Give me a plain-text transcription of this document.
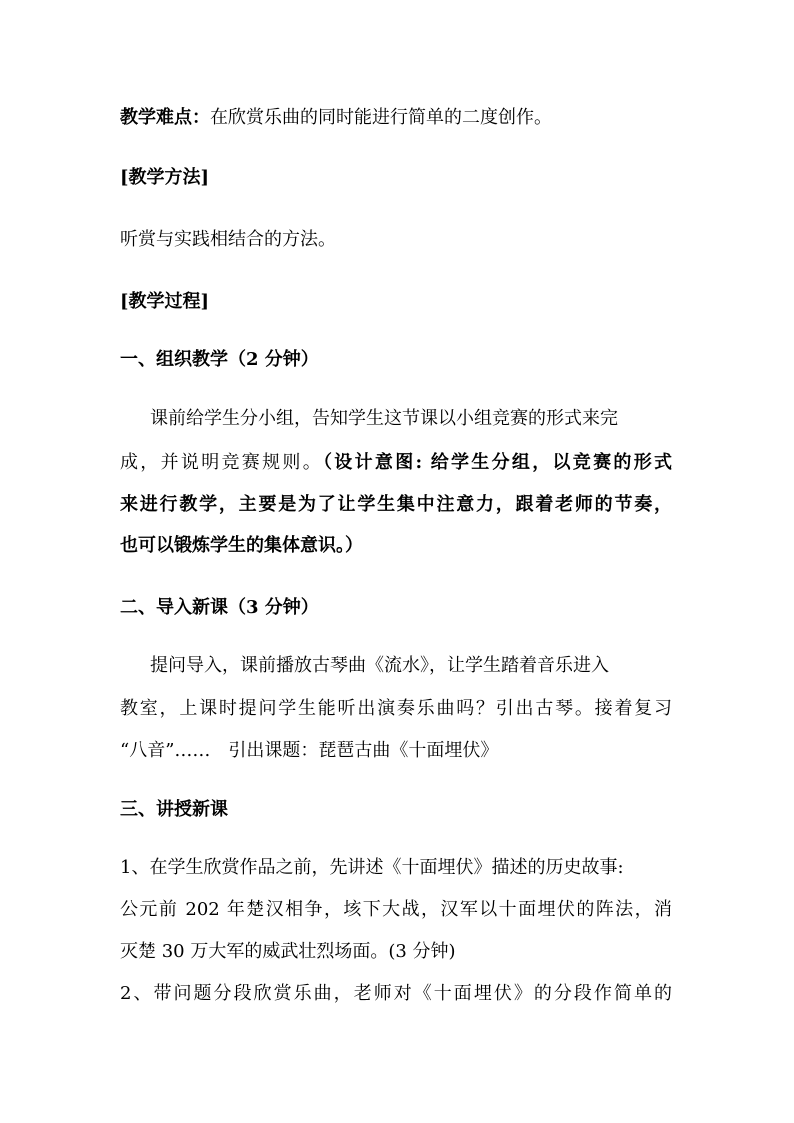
教学难点：在欣赏乐曲的同时能进行简单的二度创作。
[教学方法]
听赏与实践相结合的方法。
[教学过程]
一、组织教学（2 分钟）
课前给学生分小组，告知学生这节课以小组竞赛的形式来完
成，并说明竞赛规则。（设计意图: 给学生分组，以竞赛的形式
来进行教学，主要是为了让学生集中注意力，跟着老师的节奏，
也可以锻炼学生的集体意识。）
二、导入新课（3 分钟）
提问导入，课前播放古琴曲《流水》，让学生踏着音乐进入
教室，上课时提问学生能听出演奏乐曲吗？引出古琴。接着复习
“八音”……　引出课题：琵琶古曲《十面埋伏》
三、讲授新课
1、在学生欣赏作品之前，先讲述《十面埋伏》描述的历史故事:
公元前 202 年楚汉相争，垓下大战，汉军以十面埋伏的阵法，消
灭楚 30 万大军的威武壮烈场面。(3 分钟)
2、带问题分段欣赏乐曲，老师对《十面埋伏》的分段作简单的
